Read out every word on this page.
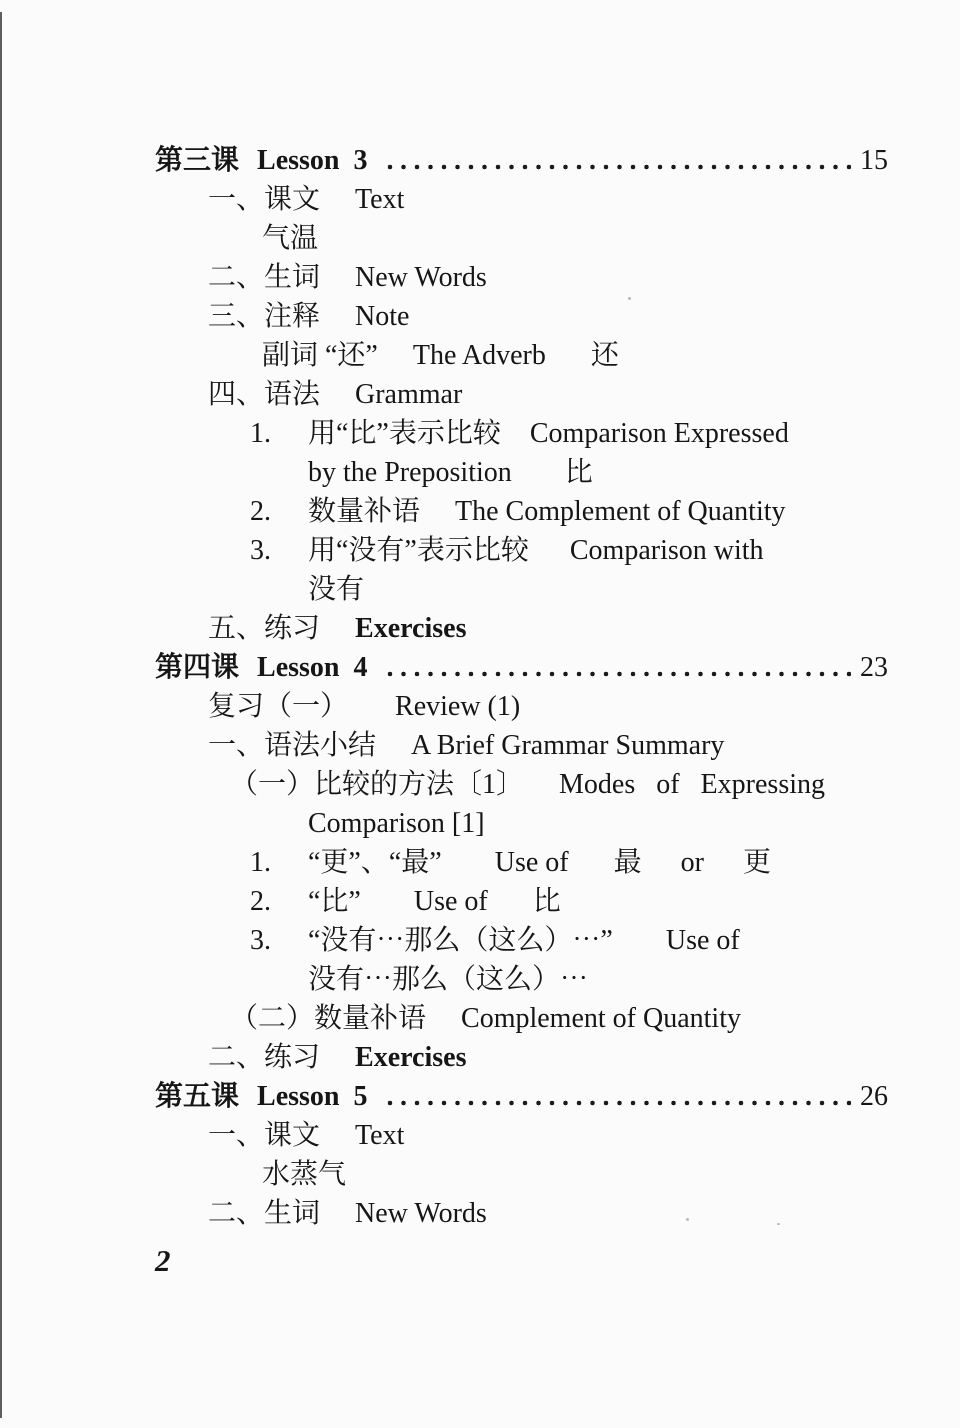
第三课 Lesson 3	15
一、课文 Text
气温
二、生词 New Words
三、注释 Note
副词 “还” The Adverb 还
四、语法 Grammar
1. 用“比”表示比较 Comparison Expressed
by the Preposition 比
2. 数量补语 The Complement of Quantity
3. 用“没有”表示比较 Comparison with
没有
五、练习 Exercises
第四课 Lesson 4	23
复习（一） Review (1)
一、语法小结 A Brief Grammar Summary
（一）比较的方法〔1〕 Modes of Expressing
Comparison [1]
1. “更”、“最” Use of 最 or 更
2. “比” Use of 比
3. “没有⋯那么（这么）⋯” Use of
没有⋯那么（这么）⋯
（二）数量补语 Complement of Quantity
二、练习 Exercises
第五课 Lesson 5	26
一、课文 Text
水蒸气
二、生词 New Words
2
